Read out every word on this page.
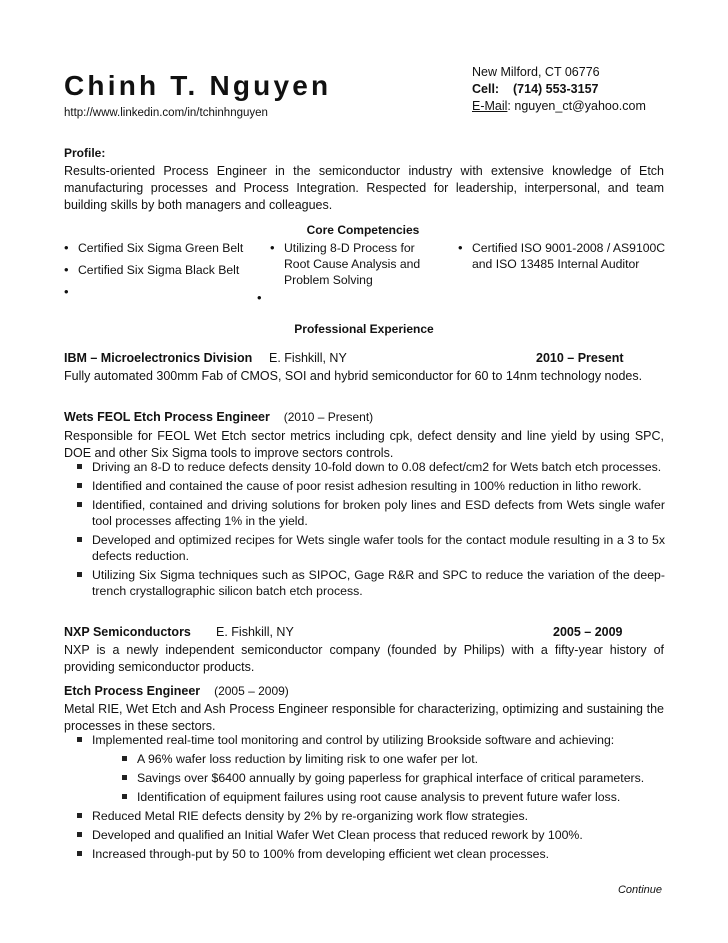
Chinh T. Nguyen
http://www.linkedin.com/in/tchinhnguyen
New Milford, CT 06776
Cell: (714) 553-3157
E-Mail: nguyen_ct@yahoo.com
Profile:
Results-oriented Process Engineer in the semiconductor industry with extensive knowledge of Etch manufacturing processes and Process Integration. Respected for leadership, interpersonal, and team building skills by both managers and colleagues.
Core Competencies
• Certified Six Sigma Green Belt
• Certified Six Sigma Black Belt
•
• Utilizing 8-D Process for Root Cause Analysis and Problem Solving
•
• Certified ISO 9001-2008 / AS9100C and ISO 13485 Internal Auditor
Professional Experience
IBM – Microelectronics Division E. Fishkill, NY	2010 – Present
Fully automated 300mm Fab of CMOS, SOI and hybrid semiconductor for 60 to 14nm technology nodes.
Wets FEOL Etch Process Engineer (2010 – Present)
Responsible for FEOL Wet Etch sector metrics including cpk, defect density and line yield by using SPC, DOE and other Six Sigma tools to improve sectors controls.
Driving an 8-D to reduce defects density 10-fold down to 0.08 defect/cm2 for Wets batch etch processes.
Identified and contained the cause of poor resist adhesion resulting in 100% reduction in litho rework.
Identified, contained and driving solutions for broken poly lines and ESD defects from Wets single wafer tool processes affecting 1% in the yield.
Developed and optimized recipes for Wets single wafer tools for the contact module resulting in a 3 to 5x defects reduction.
Utilizing Six Sigma techniques such as SIPOC, Gage R&R and SPC to reduce the variation of the deep-trench crystallographic silicon batch etch process.
NXP Semiconductors E. Fishkill, NY	2005 – 2009
NXP is a newly independent semiconductor company (founded by Philips) with a fifty-year history of providing semiconductor products.
Etch Process Engineer (2005 – 2009)
Metal RIE, Wet Etch and Ash Process Engineer responsible for characterizing, optimizing and sustaining the processes in these sectors.
Implemented real-time tool monitoring and control by utilizing Brookside software and achieving:
A 96% wafer loss reduction by limiting risk to one wafer per lot.
Savings over $6400 annually by going paperless for graphical interface of critical parameters.
Identification of equipment failures using root cause analysis to prevent future wafer loss.
Reduced Metal RIE defects density by 2% by re-organizing work flow strategies.
Developed and qualified an Initial Wafer Wet Clean process that reduced rework by 100%.
Increased through-put by 50 to 100% from developing efficient wet clean processes.
Continue
